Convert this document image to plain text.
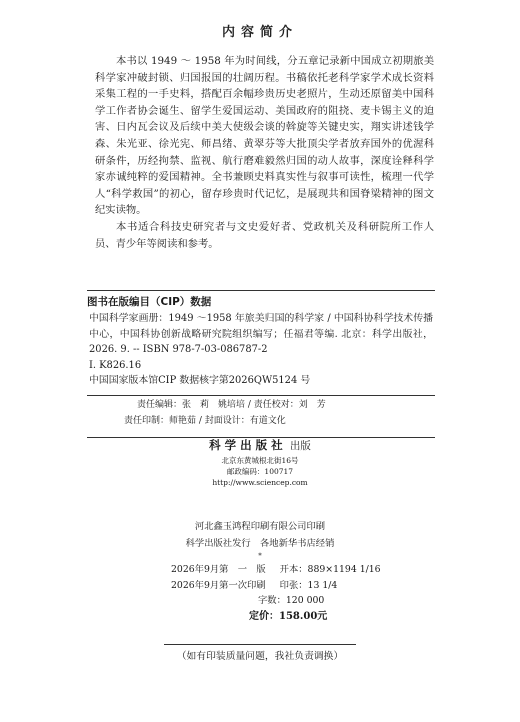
内容简介

本书以 1949 ～ 1958 年为时间线，分五章记录新中国成立初期旅美科学家冲破封锁、归国报国的壮阔历程。书稿依托老科学家学术成长资料采集工程的一手史料，搭配百余幅珍贵历史老照片，生动还原留美中国科学工作者协会诞生、留学生爱国运动、美国政府的阻挠、麦卡锡主义的迫害、日内瓦会议及后续中美大使级会谈的斡旋等关键史实，翔实讲述钱学森、朱光亚、徐光宪、师昌绪、黄翠芬等大批顶尖学者放弃国外的优渥科研条件，历经拘禁、监视、航行磨难毅然归国的动人故事，深度诠释科学家赤诚纯粹的爱国精神。全书兼顾史料真实性与叙事可读性，梳理一代学人“科学救国”的初心，留存珍贵时代记忆，是展现共和国脊梁精神的图文纪实读物。

本书适合科技史研究者与文史爱好者、党政机关及科研院所工作人员、青少年等阅读和参考。

图书在版编目（CIP）数据
中国科学家画册：1949 ～1958 年旅美归国的科学家 / 中国科协科学技术传播中心，中国科协创新战略研究院组织编写；任福君等编. 北京：科学出版社，2026. 9. -- ISBN 978-7-03-086787-2
Ⅰ. K826.16
中国国家版本馆CIP 数据核字第2026QW5124 号
责任编辑：张　莉　姚培培 / 责任校对：刘　芳
责任印制：师艳茹 / 封面设计：有道文化
科学出版社 出版
北京东黄城根北街16号
邮政编码：100717
http://www.sciencep.com
河北鑫玉鸿程印刷有限公司印刷
科学出版社发行　各地新华书店经销
*
2026年9月第　一　版 开本：889×1194 1/16
2026年9月第一次印刷 印张：13 1/4
字数：120 000
定价：158.00元
（如有印装质量问题，我社负责调换）
